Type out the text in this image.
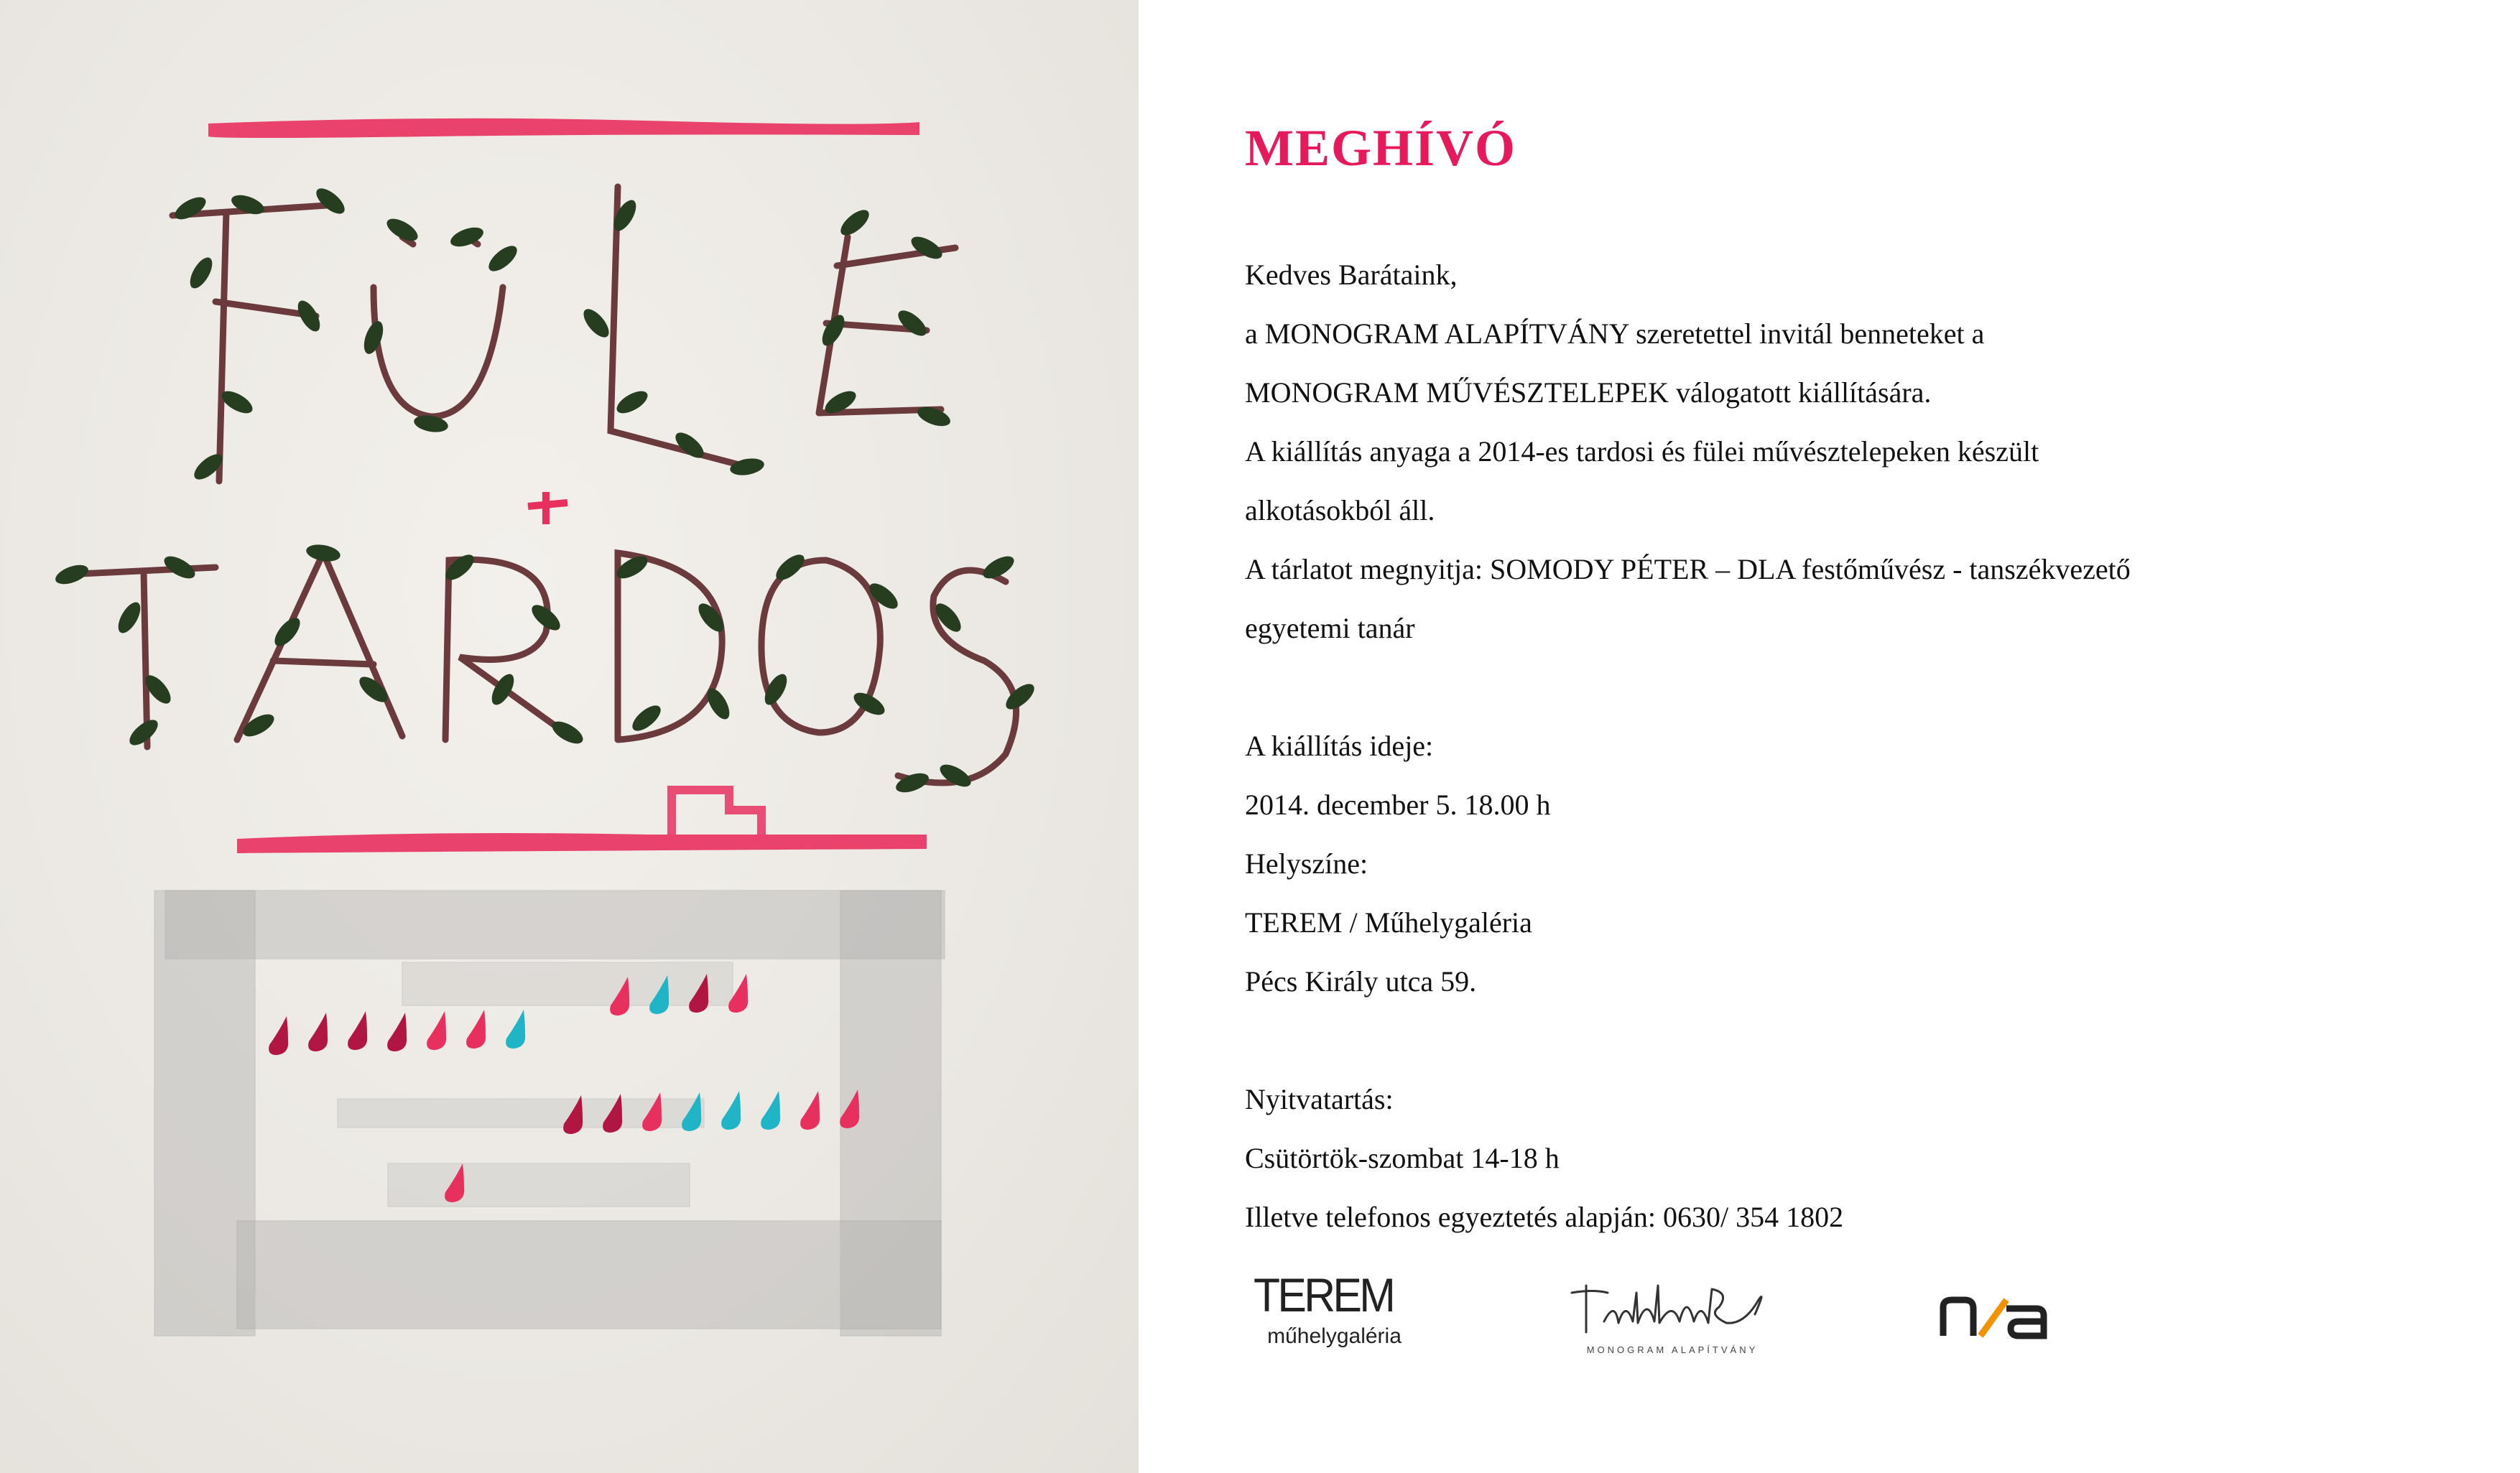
MEGHÍVÓ
Kedves Barátaink,
a MONOGRAM ALAPÍTVÁNY szeretettel invitál benneteket a
MONOGRAM MŰVÉSZTELEPEK válogatott kiállítására.
A kiállítás anyaga a 2014-es tardosi és fülei művésztelepeken készült
alkotásokból áll.
A tárlatot megnyitja: SOMODY PÉTER – DLA festőművész - tanszékvezető
egyetemi tanár
A kiállítás ideje:
2014. december 5. 18.00 h
Helyszíne:
TEREM / Műhelygaléria
Pécs Király utca 59.
Nyitvatartás:
Csütörtök-szombat 14-18 h
Illetve telefonos egyeztetés alapján: 0630/ 354 1802
TEREM
műhelygaléria
MONOGRAM ALAPÍTVÁNY
